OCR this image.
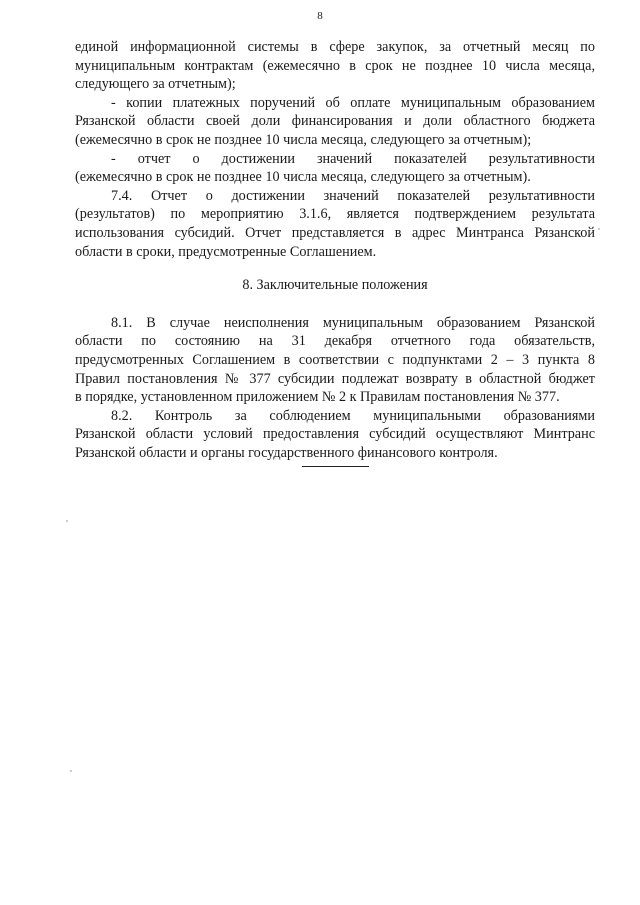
8
единой информационной системы в сфере закупок, за отчетный месяц по
муниципальным контрактам (ежемесячно в срок не позднее 10 числа месяца,
следующего за отчетным);
- копии платежных поручений об оплате муниципальным образованием
Рязанской области своей доли финансирования и доли областного бюджета
(ежемесячно в срок не позднее 10 числа месяца, следующего за отчетным);
- отчет о достижении значений показателей результативности
(ежемесячно в срок не позднее 10 числа месяца, следующего за отчетным).
7.4. Отчет о достижении значений показателей результативности
(результатов) по мероприятию 3.1.6, является подтверждением результата
использования субсидий. Отчет представляется в адрес Минтранса Рязанской
области в сроки, предусмотренные Соглашением.
8. Заключительные положения
8.1. В случае неисполнения муниципальным образованием Рязанской
области по состоянию на 31 декабря отчетного года обязательств,
предусмотренных Соглашением в соответствии с подпунктами 2 – 3 пункта 8
Правил постановления № 377 субсидии подлежат возврату в областной бюджет
в порядке, установленном приложением № 2 к Правилам постановления № 377.
8.2. Контроль за соблюдением муниципальными образованиями
Рязанской области условий предоставления субсидий осуществляют Минтранс
Рязанской области и органы государственного финансового контроля.
